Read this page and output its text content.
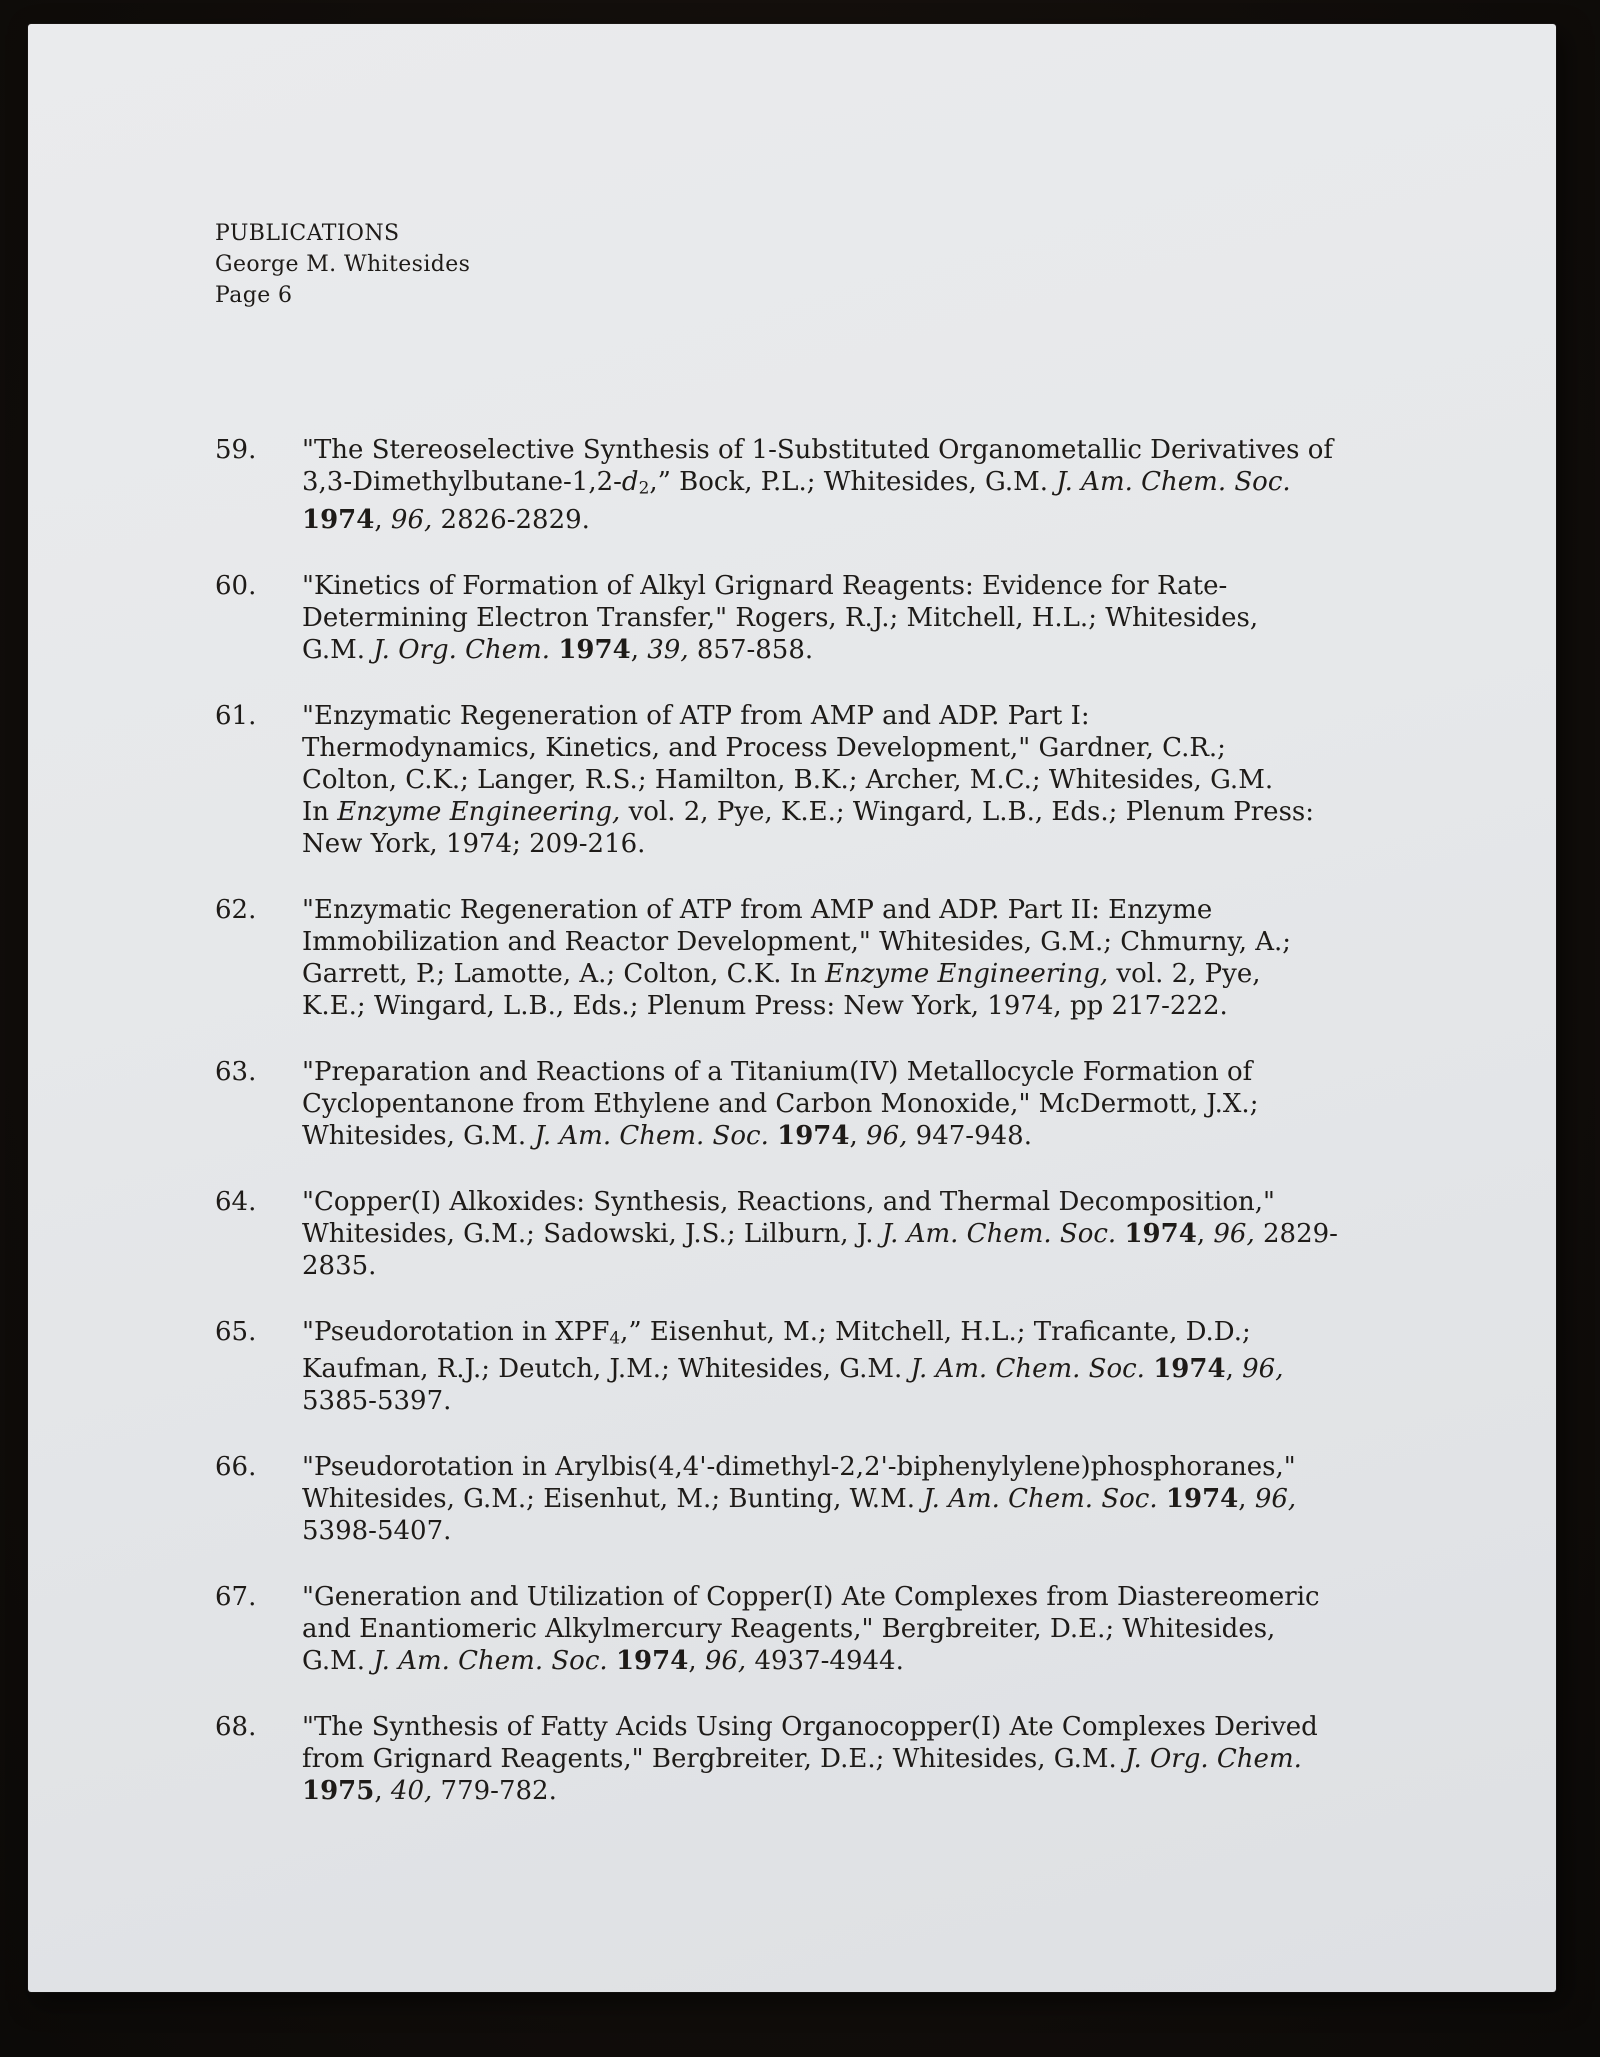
PUBLICATIONS
George M. Whitesides
Page 6
59.	"The Stereoselective Synthesis of 1-Substituted Organometallic Derivatives of
3,3-Dimethylbutane-1,2-d2,” Bock, P.L.; Whitesides, G.M. J. Am. Chem. Soc.
1974, 96, 2826-2829.
60.	"Kinetics of Formation of Alkyl Grignard Reagents: Evidence for Rate-
Determining Electron Transfer," Rogers, R.J.; Mitchell, H.L.; Whitesides,
G.M. J. Org. Chem. 1974, 39, 857-858.
61.	"Enzymatic Regeneration of ATP from AMP and ADP. Part I:
Thermodynamics, Kinetics, and Process Development," Gardner, C.R.;
Colton, C.K.; Langer, R.S.; Hamilton, B.K.; Archer, M.C.; Whitesides, G.M.
In Enzyme Engineering, vol. 2, Pye, K.E.; Wingard, L.B., Eds.; Plenum Press:
New York, 1974; 209-216.
62.	"Enzymatic Regeneration of ATP from AMP and ADP. Part II: Enzyme
Immobilization and Reactor Development," Whitesides, G.M.; Chmurny, A.;
Garrett, P.; Lamotte, A.; Colton, C.K. In Enzyme Engineering, vol. 2, Pye,
K.E.; Wingard, L.B., Eds.; Plenum Press: New York, 1974, pp 217-222.
63.	"Preparation and Reactions of a Titanium(IV) Metallocycle Formation of
Cyclopentanone from Ethylene and Carbon Monoxide," McDermott, J.X.;
Whitesides, G.M. J. Am. Chem. Soc. 1974, 96, 947-948.
64.	"Copper(I) Alkoxides: Synthesis, Reactions, and Thermal Decomposition,"
Whitesides, G.M.; Sadowski, J.S.; Lilburn, J. J. Am. Chem. Soc. 1974, 96, 2829-
2835.
65.	"Pseudorotation in XPF4,” Eisenhut, M.; Mitchell, H.L.; Traficante, D.D.;
Kaufman, R.J.; Deutch, J.M.; Whitesides, G.M. J. Am. Chem. Soc. 1974, 96,
5385-5397.
66.	"Pseudorotation in Arylbis(4,4'-dimethyl-2,2'-biphenylylene)phosphoranes,"
Whitesides, G.M.; Eisenhut, M.; Bunting, W.M. J. Am. Chem. Soc. 1974, 96,
5398-5407.
67.	"Generation and Utilization of Copper(I) Ate Complexes from Diastereomeric
and Enantiomeric Alkylmercury Reagents," Bergbreiter, D.E.; Whitesides,
G.M. J. Am. Chem. Soc. 1974, 96, 4937-4944.
68.	"The Synthesis of Fatty Acids Using Organocopper(I) Ate Complexes Derived
from Grignard Reagents," Bergbreiter, D.E.; Whitesides, G.M. J. Org. Chem.
1975, 40, 779-782.
